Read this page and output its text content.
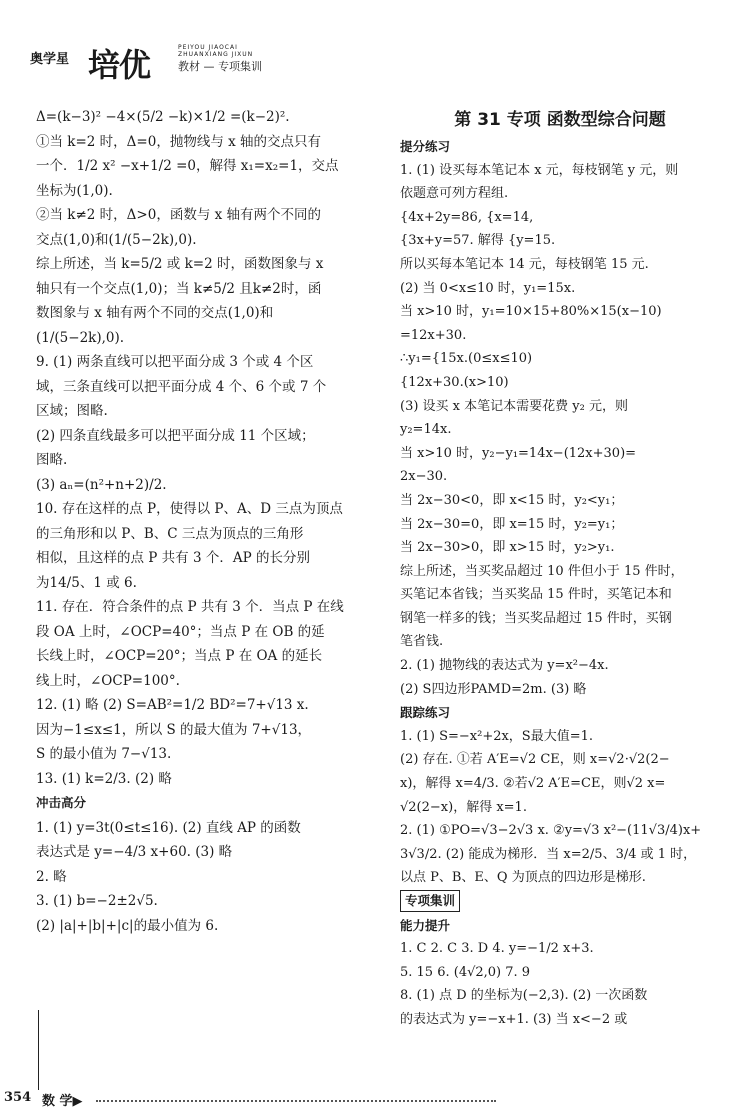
奥学星 培优	PEIYOU JIAOCAI ZHUANXIANG JIXUN
教材 — 专项集训
Δ=(k−3)² −4×(5/2 −k)×1/2 =(k−2)².
①当 k=2 时，Δ=0，抛物线与 x 轴的交点只有
一个．1/2 x² −x+1/2 =0，解得 x₁=x₂=1，交点
坐标为(1,0).
②当 k≠2 时，Δ>0，函数与 x 轴有两个不同的
交点(1,0)和(1/(5−2k),0).
综上所述，当 k=5/2 或 k=2 时，函数图象与 x
轴只有一个交点(1,0)；当 k≠5/2 且k≠2时，函
数图象与 x 轴有两个不同的交点(1,0)和
(1/(5−2k),0).
9. (1) 两条直线可以把平面分成 3 个或 4 个区
域，三条直线可以把平面分成 4 个、6 个或 7 个
区域；图略.
(2) 四条直线最多可以把平面分成 11 个区域；
图略.
(3) aₙ=(n²+n+2)/2.
10. 存在这样的点 P，使得以 P、A、D 三点为顶点
的三角形和以 P、B、C 三点为顶点的三角形
相似，且这样的点 P 共有 3 个．AP 的长分别
为14/5、1 或 6.
11. 存在．符合条件的点 P 共有 3 个．当点 P 在线
段 OA 上时，∠OCP=40°；当点 P 在 OB 的延
长线上时，∠OCP=20°；当点 P 在 OA 的延长
线上时，∠OCP=100°.
12. (1) 略 (2) S=AB²=1/2 BD²=7+√13 x.
因为−1≤x≤1，所以 S 的最大值为 7+√13，
S 的最小值为 7−√13.
13. (1) k=2/3. (2) 略
冲击高分
1. (1) y=3t(0≤t≤16). (2) 直线 AP 的函数
表达式是 y=−4/3 x+60. (3) 略
2. 略
3. (1) b=−2±2√5.
(2) |a|+|b|+|c|的最小值为 6.
第 31 专项 函数型综合问题
提分练习
1. (1) 设买每本笔记本 x 元，每枝钢笔 y 元，则
依题意可列方程组.
{4x+2y=86, {x=14,
{3x+y=57. 解得 {y=15.
所以买每本笔记本 14 元，每枝钢笔 15 元.
(2) 当 0<x≤10 时，y₁=15x.
当 x>10 时，y₁=10×15+80%×15(x−10)
=12x+30.
∴y₁={15x.(0≤x≤10)
{12x+30.(x>10)
(3) 设买 x 本笔记本需要花费 y₂ 元，则
y₂=14x.
当 x>10 时，y₂−y₁=14x−(12x+30)=
2x−30.
当 2x−30<0，即 x<15 时，y₂<y₁；
当 2x−30=0，即 x=15 时，y₂=y₁；
当 2x−30>0，即 x>15 时，y₂>y₁.
综上所述，当买奖品超过 10 件但小于 15 件时，
买笔记本省钱；当买奖品 15 件时，买笔记本和
钢笔一样多的钱；当买奖品超过 15 件时，买钢
笔省钱.
2. (1) 抛物线的表达式为 y=x²−4x.
(2) S四边形PAMD=2m. (3) 略
跟踪练习
1. (1) S=−x²+2x，S最大值=1.
(2) 存在. ①若 A′E=√2 CE，则 x=√2·√2(2−
x)，解得 x=4/3. ②若√2 A′E=CE，则√2 x=
√2(2−x)，解得 x=1.
2. (1) ①PO=√3−2√3 x. ②y=√3 x²−(11√3/4)x+
3√3/2. (2) 能成为梯形．当 x=2/5、3/4 或 1 时，
以点 P、B、E、Q 为顶点的四边形是梯形.
专项集训
能力提升
1. C 2. C 3. D 4. y=−1/2 x+3.
5. 15 6. (4√2,0) 7. 9
8. (1) 点 D 的坐标为(−2,3). (2) 一次函数
的表达式为 y=−x+1. (3) 当 x<−2 或
354 数 学▶
